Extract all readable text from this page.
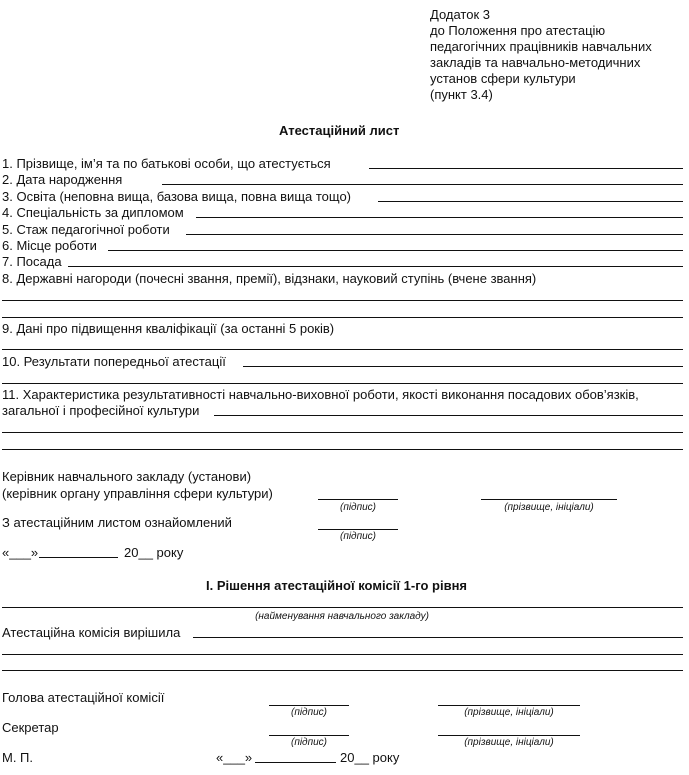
Додаток 3
до Положення про атестацію
педагогічних працівників навчальних
закладів та навчально-методичних
установ сфери культури
(пункт 3.4)
Атестаційний лист
1. Прізвище, ім’я та по батькові особи, що атестується
2. Дата народження
3. Освіта (неповна вища, базова вища, повна вища тощо)
4. Спеціальність за дипломом
5. Стаж педагогічної роботи
6. Місце роботи
7. Посада
8. Державні нагороди (почесні звання, премії), відзнаки, науковий ступінь (вчене звання)
9. Дані про підвищення кваліфікації (за останні 5 років)
10. Результати попередньої атестації
11. Характеристика результативності навчально-виховної роботи, якості виконання посадових обов’язків,
загальної і професійної культури
Керівник навчального закладу (установи)
(керівник органу управління сфери культури)
(підпис)	(прізвище, ініціали)
З атестаційним листом ознайомлений
(підпис)
«___»	20__ року
І. Рішення атестаційної комісії 1-го рівня
(найменування навчального закладу)
Атестаційна комісія вирішила
Голова атестаційної комісії
(підпис)	(прізвище, ініціали)
Секретар
(підпис)	(прізвище, ініціали)
М. П.	«___»	20__ року
